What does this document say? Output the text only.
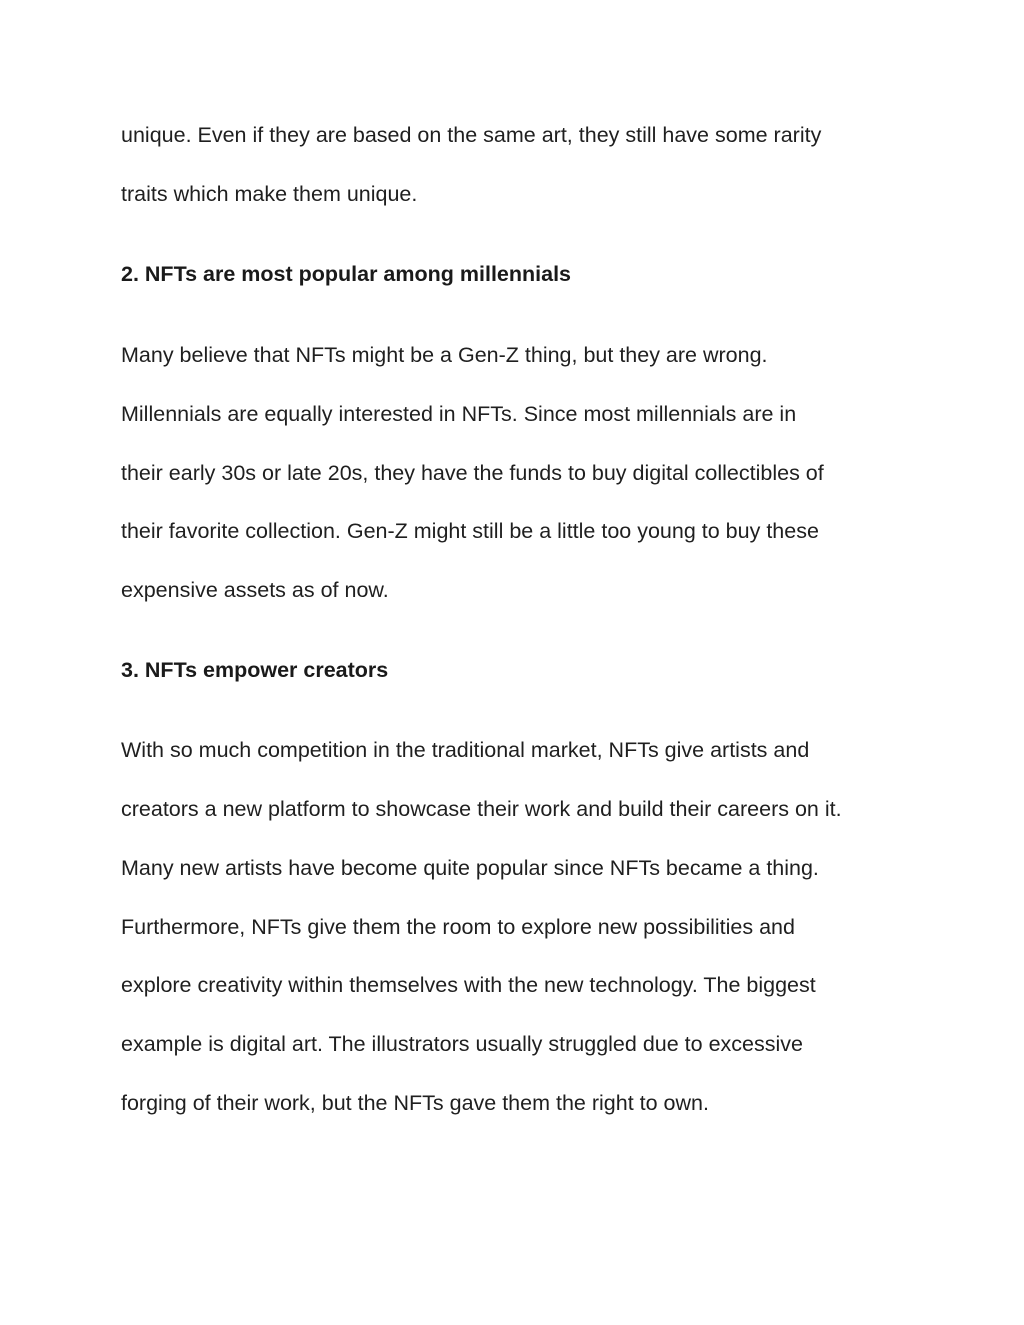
unique. Even if they are based on the same art, they still have some rarity

traits which make them unique.

2. NFTs are most popular among millennials

Many believe that NFTs might be a Gen-Z thing, but they are wrong.

Millennials are equally interested in NFTs. Since most millennials are in

their early 30s or late 20s, they have the funds to buy digital collectibles of

their favorite collection. Gen-Z might still be a little too young to buy these

expensive assets as of now.

3. NFTs empower creators

With so much competition in the traditional market, NFTs give artists and

creators a new platform to showcase their work and build their careers on it.

Many new artists have become quite popular since NFTs became a thing.

Furthermore, NFTs give them the room to explore new possibilities and

explore creativity within themselves with the new technology. The biggest

example is digital art. The illustrators usually struggled due to excessive

forging of their work, but the NFTs gave them the right to own.
